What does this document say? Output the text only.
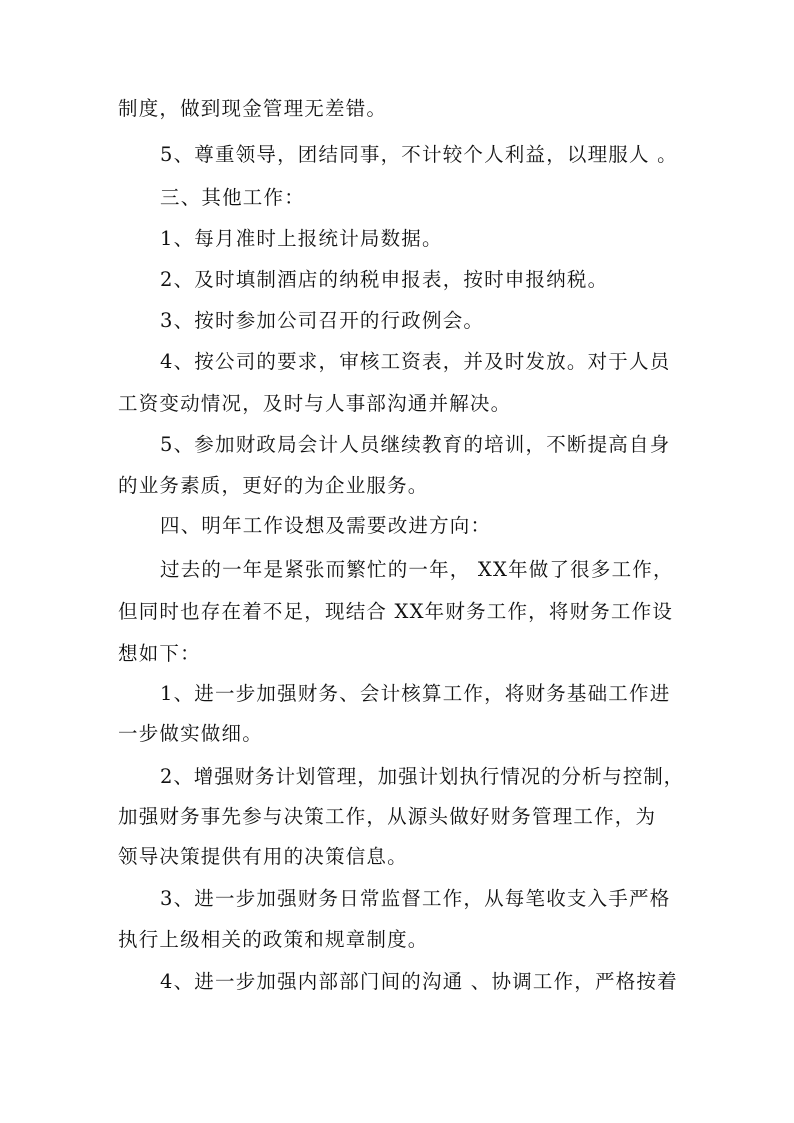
制度，做到现金管理无差错。
5、尊重领导，团结同事，不计较个人利益，以理服人 。
三、其他工作：
1、每月准时上报统计局数据。
2、及时填制酒店的纳税申报表，按时申报纳税。
3、按时参加公司召开的行政例会。
4、按公司的要求，审核工资表，并及时发放。对于人员
工资变动情况，及时与人事部沟通并解决。
5、参加财政局会计人员继续教育的培训，不断提高自身
的业务素质，更好的为企业服务。
四、明年工作设想及需要改进方向：
过去的一年是紧张而繁忙的一年， XX年做了很多工作，
但同时也存在着不足，现结合 XX年财务工作，将财务工作设
想如下：
1、进一步加强财务、会计核算工作，将财务基础工作进
一步做实做细。
2、增强财务计划管理，加强计划执行情况的分析与控制，
加强财务事先参与决策工作，从源头做好财务管理工作，为
领导决策提供有用的决策信息。
3、进一步加强财务日常监督工作，从每笔收支入手严格
执行上级相关的政策和规章制度。
4、进一步加强内部部门间的沟通 、协调工作，严格按着
